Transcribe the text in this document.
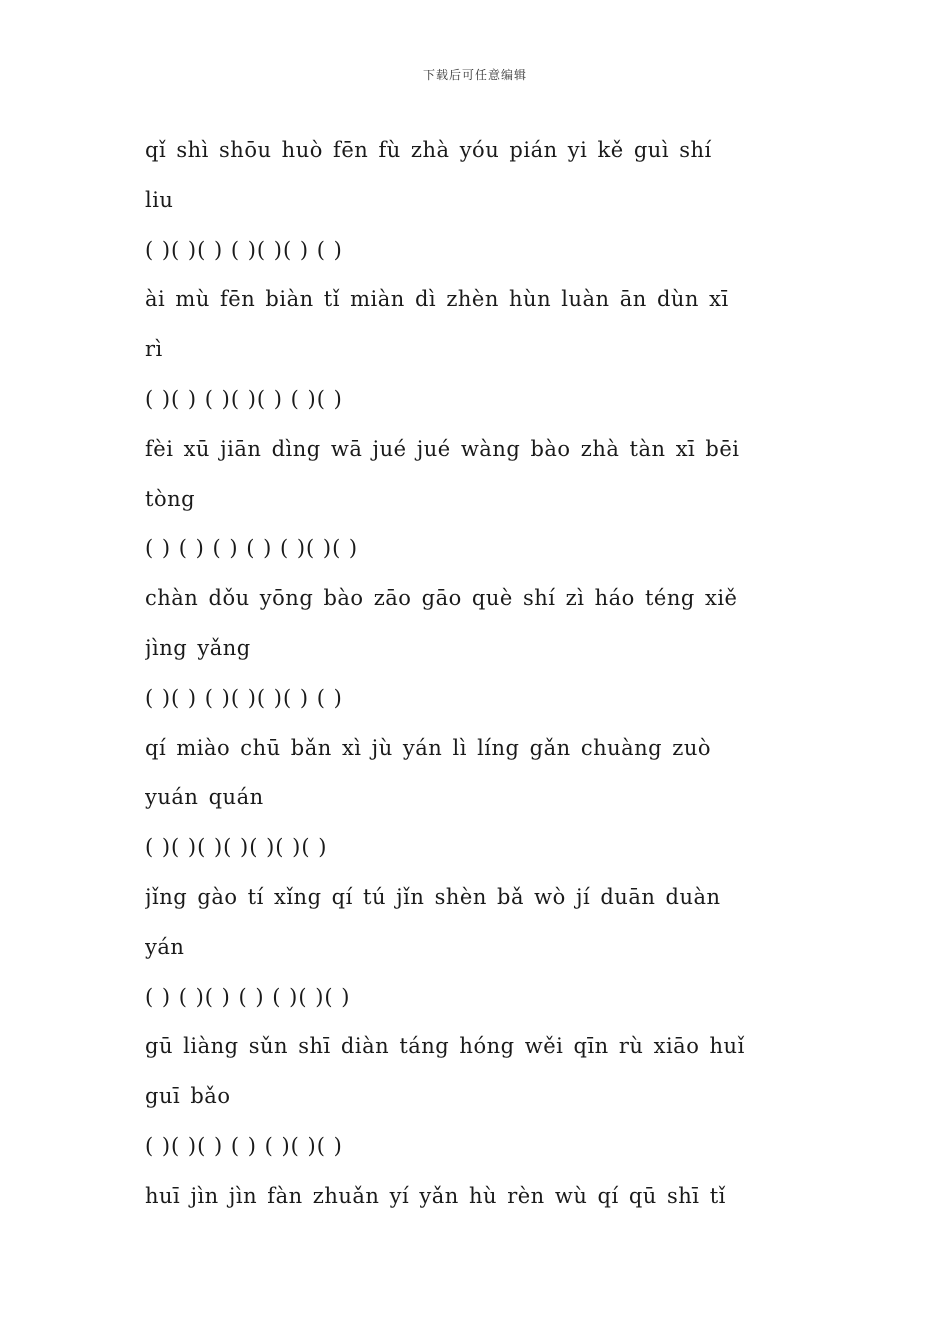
下载后可任意编辑
qǐ shì shōu huò fēn fù zhà yóu pián yi kě guì shí
liu
( )( )( ) ( )( )( ) ( )
ài mù fēn biàn tǐ miàn dì zhèn hùn luàn ān dùn xī
rì
( )( ) ( )( )( ) ( )( )
fèi xū jiān dìng wā jué jué wàng bào zhà tàn xī bēi
tòng
( ) ( ) ( ) ( ) ( )( )( )
chàn dǒu yōng bào zāo gāo què shí zì háo téng xiě
jìng yǎng
( )( ) ( )( )( )( ) ( )
qí miào chū bǎn xì jù yán lì líng gǎn chuàng zuò
yuán quán
( )( )( )( )( )( )( )
jǐng gào tí xǐng qí tú jǐn shèn bǎ wò jí duān duàn
yán
( ) ( )( ) ( ) ( )( )( )
gū liàng sǔn shī diàn táng hóng wěi qīn rù xiāo huǐ
guī bǎo
( )( )( ) ( ) ( )( )( )
huī jìn jìn fàn zhuǎn yí yǎn hù rèn wù qí qū shī tǐ
